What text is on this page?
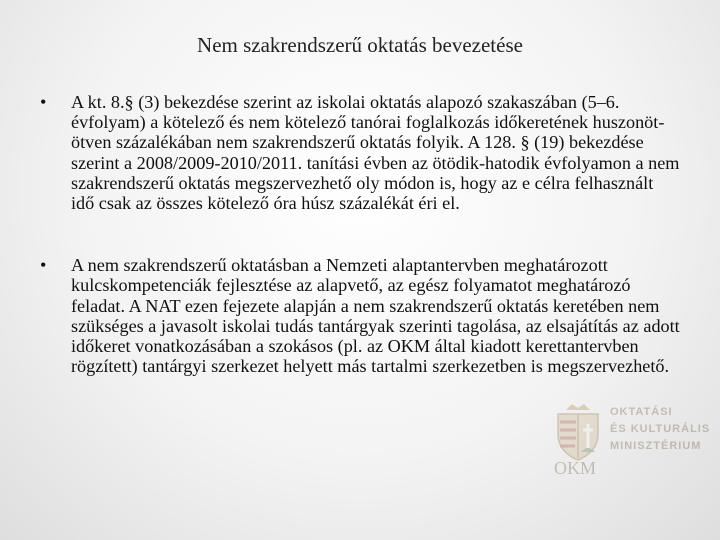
OKTATÁSI
ÉS KULTURÁLIS
MINISZTÉRIUM
OKM
Nem szakrendszerű oktatás bevezetése
• A kt. 8.§ (3) bekezdése szerint az iskolai oktatás alapozó szakaszában (5–6. évfolyam) a kötelező és nem kötelező tanórai foglalkozás időkeretének huszonöt-ötven százalékában nem szakrendszerű oktatás folyik. A 128. § (19) bekezdése szerint a 2008/2009-2010/2011. tanítási évben az ötödik-hatodik évfolyamon a nem szakrendszerű oktatás megszervezhető oly módon is, hogy az e célra felhasznált idő csak az összes kötelező óra húsz százalékát éri el.
• A nem szakrendszerű oktatásban a Nemzeti alaptantervben meghatározott kulcskompetenciák fejlesztése az alapvető, az egész folyamatot meghatározó feladat. A NAT ezen fejezete alapján a nem szakrendszerű oktatás keretében nem szükséges a javasolt iskolai tudás tantárgyak szerinti tagolása, az elsajátítás az adott időkeret vonatkozásában a szokásos (pl. az OKM által kiadott kerettantervben rögzített) tantárgyi szerkezet helyett más tartalmi szerkezetben is megszervezhető.
